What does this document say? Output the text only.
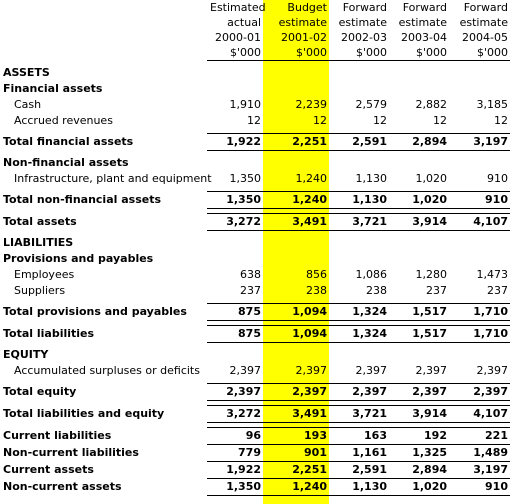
	Estimated	Budget	Forward	Forward	Forward
	actual	estimate	estimate	estimate	estimate
	2000-01	2001-02	2002-03	2003-04	2004-05
	$'000	$'000	$'000	$'000	$'000

ASSETS					
Financial assets					
Cash	1,910	2,239	2,579	2,882	3,185
Accrued revenues	12	12	12	12	12

Total financial assets	1,922	2,251	2,591	2,894	3,197

Non-financial assets					
Infrastructure, plant and equipment	1,350	1,240	1,130	1,020	910

Total non-financial assets	1,350	1,240	1,130	1,020	910

Total assets	3,272	3,491	3,721	3,914	4,107

LIABILITIES					
Provisions and payables					
Employees	638	856	1,086	1,280	1,473
Suppliers	237	238	238	237	237

Total provisions and payables	875	1,094	1,324	1,517	1,710

Total liabilities	875	1,094	1,324	1,517	1,710

EQUITY					
Accumulated surpluses or deficits	2,397	2,397	2,397	2,397	2,397

Total equity	2,397	2,397	2,397	2,397	2,397

Total liabilities and equity	3,272	3,491	3,721	3,914	4,107

Current liabilities	96	193	163	192	221
Non-current liabilities	779	901	1,161	1,325	1,489
Current assets	1,922	2,251	2,591	2,894	3,197
Non-current assets	1,350	1,240	1,130	1,020	910
